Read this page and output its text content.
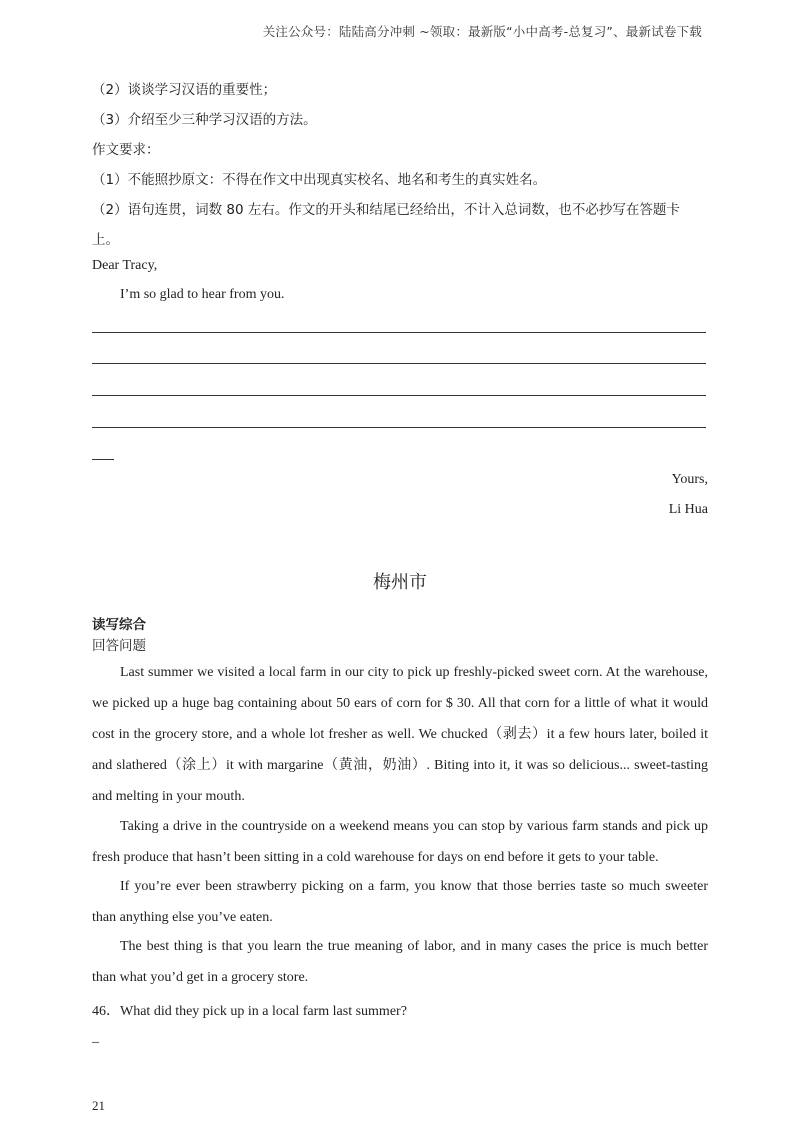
关注公众号：陆陆高分冲刺 ~领取：最新版“小中高考-总复习”、最新试卷下载
（2）谈谈学习汉语的重要性；
（3）介绍至少三种学习汉语的方法。
作文要求：
（1）不能照抄原文：不得在作文中出现真实校名、地名和考生的真实姓名。
（2）语句连贯，词数 80 左右。作文的开头和结尾已经给出，不计入总词数，也不必抄写在答题卡
上。
Dear Tracy,
I’m so glad to hear from you.
Yours,
Li Hua
梅州市
读写综合
回答问题
Last summer we visited a local farm in our city to pick up freshly-picked sweet corn. At the warehouse, we picked up a huge bag containing about 50 ears of corn for $ 30. All that corn for a little of what it would cost in the grocery store, and a whole lot fresher as well. We chucked（剥去）it a few hours later, boiled it and slathered（涂上）it with margarine（黄油，奶油）. Biting into it, it was so delicious... sweet-tasting and melting in your mouth.
Taking a drive in the countryside on a weekend means you can stop by various farm stands and pick up fresh produce that hasn’t been sitting in a cold warehouse for days on end before it gets to your table.
If you’re ever been strawberry picking on a farm, you know that those berries taste so much sweeter than anything else you’ve eaten.
The best thing is that you learn the true meaning of labor, and in many cases the price is much better than what you’d get in a grocery store.
46．What did they pick up in a local farm last summer?
_
21
